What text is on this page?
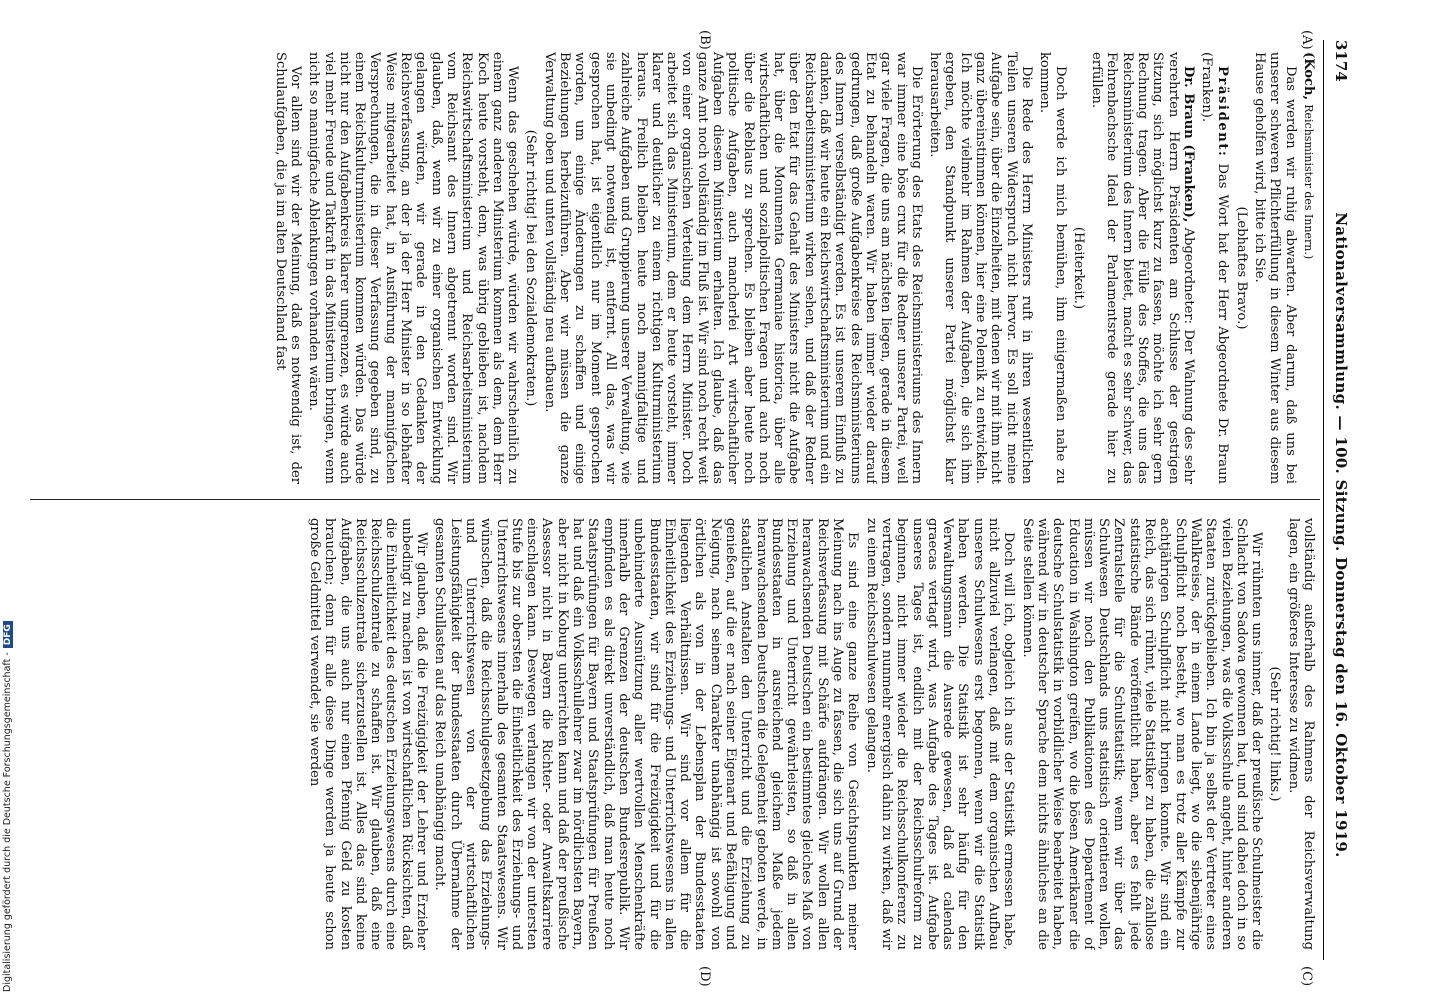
3174
Nationalversammlung. — 100. Sitzung. Donnerstag den 16. Oktober 1919.
(A)
(B)
(C)
(D)

(Koch, Reichsminister des Innern.)

Das werden wir ruhig abwarten. Aber darum, daß uns bei unserer schweren Pflichterfüllung in diesem Winter aus diesem Hause geholfen wird, bitte ich Sie.

(Lebhaftes Bravo.)

Präsident: Das Wort hat der Herr Abgeordnete Dr. Braun (Franken).

Dr. Braun (Franken), Abgeordneter: Der Wahnung des sehr verehrten Herrn Präsidenten am Schlusse der gestrigen Sitzung, sich möglichst kurz zu fassen, möchte ich sehr gern Rechnung tragen. Aber die Fülle des Stoffes, die uns das Reichsministerium des Innern bietet, macht es sehr schwer, das Fehrenbachsche Ideal der Parlamentsrede gerade hier zu erfüllen.

(Heiterkeit.)

Doch werde ich mich bemühen, ihm einigermaßen nahe zu kommen.

Die Rede des Herrn Ministers ruft in ihren wesentlichen Teilen unseren Widerspruch nicht hervor. Es soll nicht meine Aufgabe sein, über die Einzelheiten, mit denen wir mit ihm nicht ganz übereinstimmen können, hier eine Polemik zu entwickeln. Ich möchte vielmehr im Rahmen der Aufgaben, die sich ihm ergeben, den Standpunkt unserer Partei möglichst klar herausarbeiten.

Die Erörterung des Etats des Reichsministeriums des Innern war immer eine böse crux für die Redner unserer Partei, weil gar viele Fragen, die uns am nächsten liegen, gerade in diesem Etat zu behandeln waren. Wir haben immer wieder darauf gedrungen, daß große Aufgabenkreise des Reichsministeriums des Innern verselbständigt werden. Es ist unserem Einfluß zu danken, daß wir heute ein Reichswirtschaftsministerium und ein Reichsarbeitsministerium wirken sehen, und daß der Redner über den Etat für das Gehalt des Ministers nicht die Aufgabe hat, über die Monumenta Germaniae historica, über alle wirtschaftlichen und sozialpolitischen Fragen und auch noch über die Reblaus zu sprechen. Es bleiben aber heute noch politische Aufgaben, auch mancherlei Art wirtschaftlicher Aufgaben diesem Ministerium erhalten. Ich glaube, daß das ganze Amt noch vollständig im Fluß ist. Wir sind noch recht weit von einer organischen Verteilung dem Herrn Minister. Doch arbeitet sich das Ministerium, dem er heute vorsteht, immer klarer und deutlicher zu einem richtigen Kulturministerium heraus. Freilich bleiben heute noch mannigfaltige und zahlreiche Aufgaben und Gruppierung unserer Verwaltung, wie sie unbedingt notwendig ist, entfernt. All das, was wir gesprochen hat, ist eigentlich nur im Moment gesprochen worden, um einige Änderungen zu schaffen und einige Beziehungen herbeizuführen. Aber wir müssen die ganze Verwaltung oben und unten vollständig neu aufbauen.

(Sehr richtig! bei den Sozialdemokraten.)

Wenn das geschehen würde, würden wir wahrscheinlich zu einem ganz anderen Ministerium kommen als dem, dem Herr Koch heute vorsteht, dem, was übrig geblieben ist, nachdem Reichswirtschaftsministerium und Reichsarbeitsministerium vom Reichsamt des Innern abgetrennt worden sind. Wir glauben, daß, wenn wir zu einer organischen Entwicklung gelangen würden, wir gerade in den Gedanken der Reichsverfassung, an der ja der Herr Minister in so lebhafter Weise mitgearbeitet hat, in Ausführung der mannigfachen Versprechungen, die in dieser Verfassung gegeben sind, zu einem Reichskulturministerium kommen würden. Das würde nicht nur den Aufgabenkreis klarer umgrenzen, es würde auch viel mehr Freude und Tatkraft in das Ministerium bringen, wenn nicht so mannigfache Ablenkungen vorhanden wären.

Vor allem sind wir der Meinung, daß es notwendig ist, der Schulaufgaben, die ja im alten Deutschland fast

vollständig außerhalb des Rahmens der Reichsverwaltung lagen, ein größeres Interesse zu widmen.

(Sehr richtig! links.)

Wir rühmten uns immer, daß der preußische Schulmeister die Schlacht von Sadowa gewonnen hat, und sind dabei doch in so vielen Beziehungen, was die Volksschule angeht, hinter anderen Staaten zurückgeblieben. Ich bin ja selbst der Vertreter eines Wahlkreises, der in einem Lande liegt, wo die siebenjährige Schulpflicht noch besteht, wo man es trotz aller Kämpfe zur achtjährigen Schulpflicht nicht bringen konnte. Wir sind ein Reich, das sich rühmt, viele Statistiker zu haben, die zahllose statistische Bände veröffentlicht haben, aber es fehlt jede Zentralstelle für die Schulstatistik; wenn wir über das Schulwesen Deutschlands uns statistisch orientieren wollen, müssen wir noch den Publikationen des Departement of Education in Washington greifen, wo die bösen Amerikaner die deutsche Schulstatistik in vorbildlicher Weise bearbeitet haben, während wir in deutscher Sprache dem nichts ähnliches an die Seite stellen können.

Doch will ich, obgleich ich aus der Statistik ermessen habe, nicht allzuviel verlangen, daß mit dem organischen Aufbau unseres Schulwesens erst begonnen, wenn wir die Statistik haben werden. Die Statistik ist sehr häufig für den Verwaltungsmann die Ausrede gewesen, daß ad calendas graecas vertagt wird, was Aufgabe des Tages ist. Aufgabe unseres Tages ist, endlich mit der Reichsschulreform zu beginnen, nicht immer wieder die Reichsschulkonferenz zu vertragen, sondern nunmehr energisch dahin zu wirken, daß wir zu einem Reichsschulwesen gelangen.

Es sind eine ganze Reihe von Gesichtspunkten meiner Meinung nach ins Auge zu fassen, die sich uns auf Grund der Reichsverfassung mit Schärfe aufdrängen. Wir wollen allen heranwachsenden Deutschen ein bestimmtes gleiches Maß von Erziehung und Unterricht gewährleisten, so daß in allen Bundesstaaten in ausreichend gleichem Maße jedem heranwachsenden Deutschen die Gelegenheit geboten werde, in staatlichen Anstalten den Unterricht und die Erziehung zu genießen, auf die er nach seiner Eigenart und Befähigung und Neigung, nach seinem Charakter unabhängig ist sowohl von örtlichen als von in der Lebensplan der Bundesstaaten liegenden Verhältnissen. Wir sind vor allem für die Einheitlichkeit des Erziehungs- und Unterrichtswesens in allen Bundesstaaten, wir sind für die Freizügigkeit und für die unbehinderte Ausnützung aller wertvollen Menschenkräfte innerhalb der Grenzen der deutschen Bundesrepublik. Wir empfinden es als direkt unverständlich, daß man heute noch Staatsprüfungen für Bayern und Staatsprüfungen für Preußen hat und daß ein Volksschullehrer zwar im nördlichsten Bayern, aber nicht in Koburg unterrichten kann und daß der preußische Assessor nicht in Bayern die Richter- oder Anwaltskarriere einschlagen kann. Deswegen verlangen wir von der untersten Stufe bis zur obersten die Einheitlichkeit des Erziehungs- und Unterrichtswesens innerhalb des gesamten Staatswesens. Wir wünschen, daß die Reichsschulgesetzgebung das Erziehungs- und Unterrichtswesen von der wirtschaftlichen Leistungsfähigkeit der Bundesstaaten durch Übernahme der gesamten Schullasten auf das Reich unabhängig macht.

Wir glauben, daß die Freizügigkeit der Lehrer und Erzieher unbedingt zu machen ist von wirtschaftlichen Rücksichten, daß die Einheitlichkeit des deutschen Erziehungswesens durch eine Reichsschulzentrale zu schaffen ist. Wir glauben, daß eine Reichsschulzentrale sicherzustellen ist. Alles das sind keine Aufgaben, die uns auch nur einen Pfennig Geld zu kosten brauchen; denn für alle diese Dinge werden ja heute schon große Geldmittel verwendet, sie werden

Digitalisierung gefördert durch die Deutsche Forschungsgemeinschaft -DFG
